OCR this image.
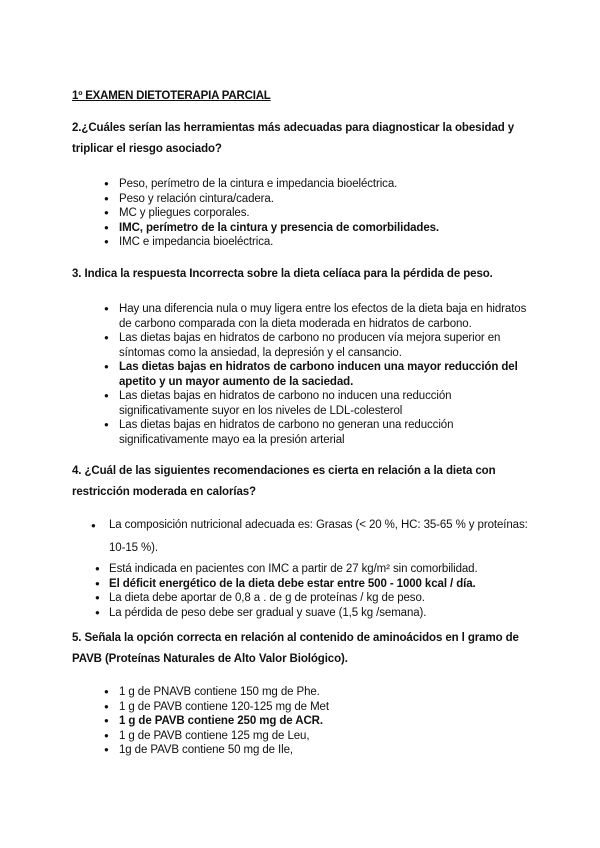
1º EXAMEN DIETOTERAPIA PARCIAL
2.¿Cuáles serían las herramientas más adecuadas para diagnosticar la obesidad y triplicar el riesgo asociado?
● Peso, perímetro de la cintura e impedancia bioeléctrica.
● Peso y relación cintura/cadera.
● MC y pliegues corporales.
● IMC, perímetro de la cintura y presencia de comorbilidades.
● IMC e impedancia bioeléctrica.
3. Indica la respuesta Incorrecta sobre la dieta celíaca para la pérdida de peso.
● Hay una diferencia nula o muy ligera entre los efectos de la dieta baja en hidratos de carbono comparada con la dieta moderada en hidratos de carbono.
● Las dietas bajas en hidratos de carbono no producen vía mejora superior en síntomas como la ansiedad, la depresión y el cansancio.
● Las dietas bajas en hidratos de carbono inducen una mayor reducción del apetito y un mayor aumento de la saciedad.
● Las dietas bajas en hidratos de carbono no inducen una reducción significativamente suyor en los niveles de LDL-colesterol
● Las dietas bajas en hidratos de carbono no generan una reducción significativamente mayo ea la presión arterial
4. ¿Cuál de las siguientes recomendaciones es cierta en relación a la dieta con restricción moderada en calorías?
● La composición nutricional adecuada es: Grasas (< 20 %, HC: 35-65 % y proteínas: 10-15 %).
● Está indicada en pacientes con IMC a partir de 27 kg/m² sin comorbilidad.
● El déficit energético de la dieta debe estar entre 500 - 1000 kcal / día.
● La dieta debe aportar de 0,8 a . de g de proteínas / kg de peso.
● La pérdida de peso debe ser gradual y suave (1,5 kg /semana).
5. Señala la opción correcta en relación al contenido de aminoácidos en l gramo de PAVB (Proteínas Naturales de Alto Valor Biológico).
● 1 g de PNAVB contiene 150 mg de Phe.
● 1 g de PAVB contiene 120-125 mg de Met
● 1 g de PAVB contiene 250 mg de ACR.
● 1 g de PAVB contiene 125 mg de Leu,
● 1g de PAVB contiene 50 mg de Ile,
